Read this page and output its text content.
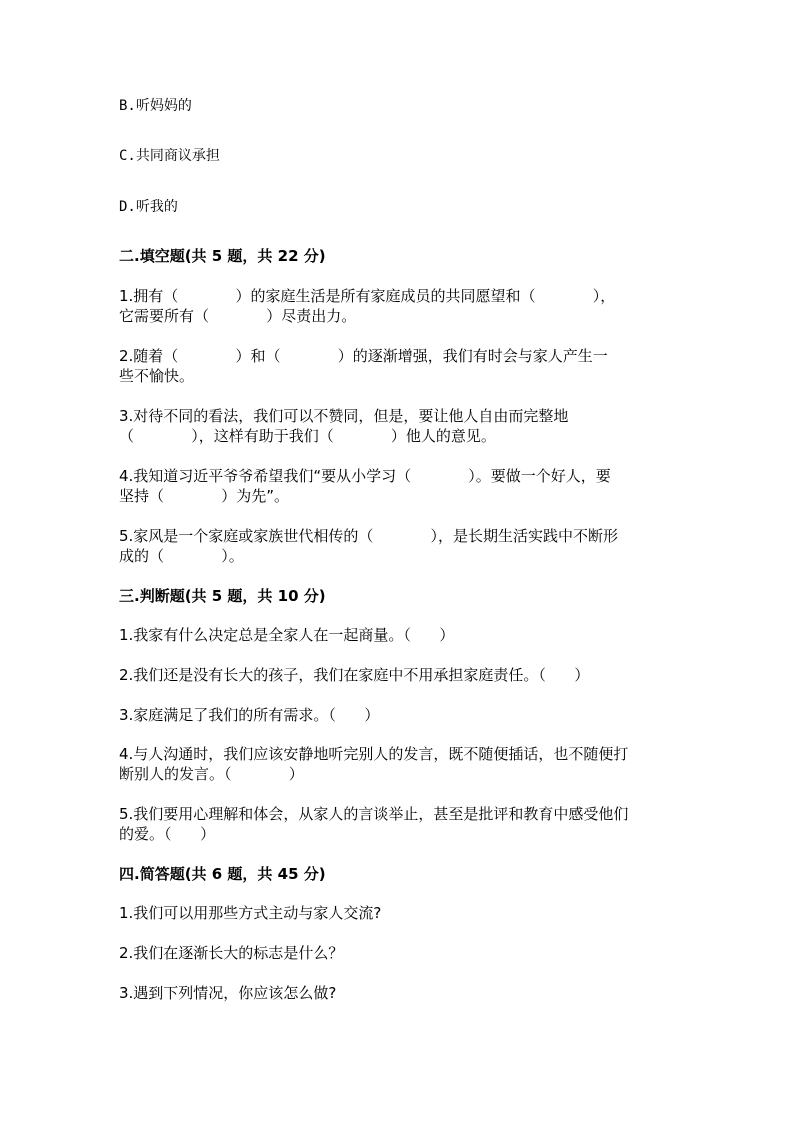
B.听妈妈的
C.共同商议承担
D.听我的
二.填空题(共 5 题，共 22 分)
1.拥有（            ）的家庭生活是所有家庭成员的共同愿望和（            ），
它需要所有（            ）尽责出力。
2.随着（            ）和（            ）的逐渐增强，我们有时会与家人产生一
些不愉快。
3.对待不同的看法，我们可以不赞同，但是，要让他人自由而完整地
（            ），这样有助于我们（            ）他人的意见。
4.我知道习近平爷爷希望我们“要从小学习（            ）。要做一个好人，要
坚持（            ）为先”。
5.家风是一个家庭或家族世代相传的（            ），是长期生活实践中不断形
成的（            ）。
三.判断题(共 5 题，共 10 分)
1.我家有什么决定总是全家人在一起商量。（      ）
2.我们还是没有长大的孩子，我们在家庭中不用承担家庭责任。（      ）
3.家庭满足了我们的所有需求。（      ）
4.与人沟通时，我们应该安静地听完别人的发言，既不随便插话，也不随便打
断别人的发言。（            ）
5.我们要用心理解和体会，从家人的言谈举止，甚至是批评和教育中感受他们
的爱。（      ）
四.简答题(共 6 题，共 45 分)
1.我们可以用那些方式主动与家人交流?
2.我们在逐渐长大的标志是什么？
3.遇到下列情况，你应该怎么做?
